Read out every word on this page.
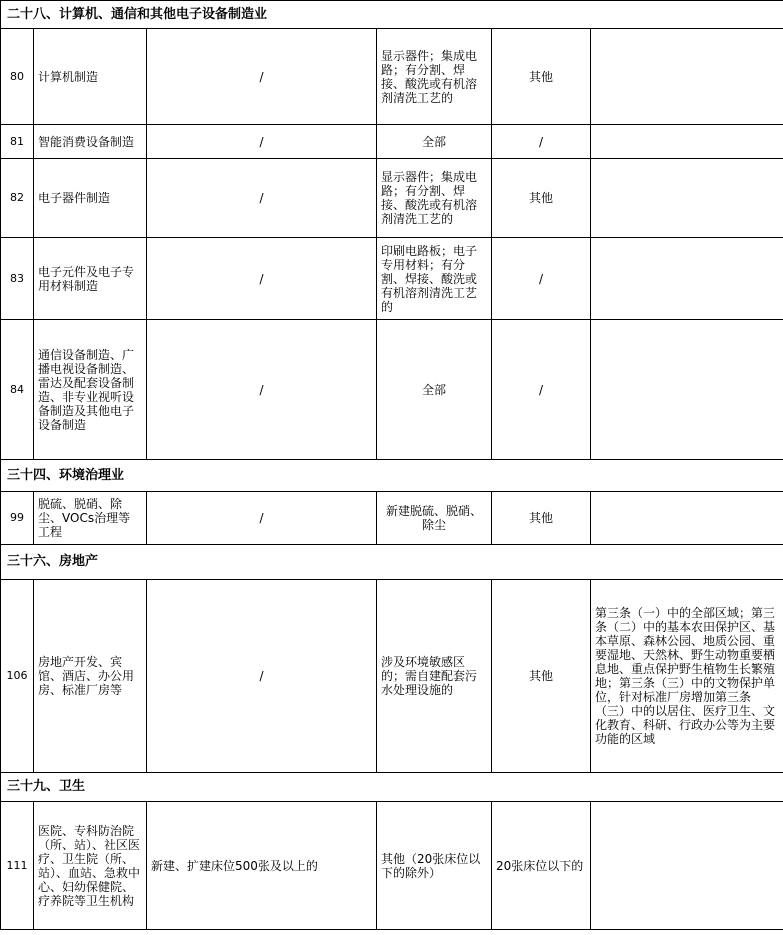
二十八、计算机、通信和其他电子设备制造业					
80	计算机制造	/	显示器件；集成电路；有分割、焊接、酸洗或有机溶剂清洗工艺的	其他	
81	智能消费设备制造	/	全部	/	
82	电子器件制造	/	显示器件；集成电路；有分割、焊接、酸洗或有机溶剂清洗工艺的	其他	
83	电子元件及电子专用材料制造	/	印刷电路板；电子专用材料；有分割、焊接、酸洗或有机溶剂清洗工艺的	/	
84	通信设备制造、广播电视设备制造、雷达及配套设备制造、非专业视听设备制造及其他电子设备制造	/	全部	/	
三十四、环境治理业					
99	脱硫、脱硝、除尘、VOCs治理等工程	/	新建脱硫、脱硝、除尘	其他	
三十六、房地产					
106	房地产开发、宾馆、酒店、办公用房、标准厂房等	/	涉及环境敏感区的；需自建配套污水处理设施的	其他	第三条（一）中的全部区域；第三条（二）中的基本农田保护区、基本草原、森林公园、地质公园、重要湿地、天然林、野生动物重要栖息地、重点保护野生植物生长繁殖地；第三条（三）中的文物保护单位，针对标准厂房增加第三条（三）中的以居住、医疗卫生、文化教育、科研、行政办公等为主要功能的区域
三十九、卫生					
111	医院、专科防治院（所、站）、社区医疗、卫生院（所、站）、血站、急救中心、妇幼保健院、疗养院等卫生机构	新建、扩建床位500张及以上的	其他（20张床位以下的除外）	20张床位以下的	
